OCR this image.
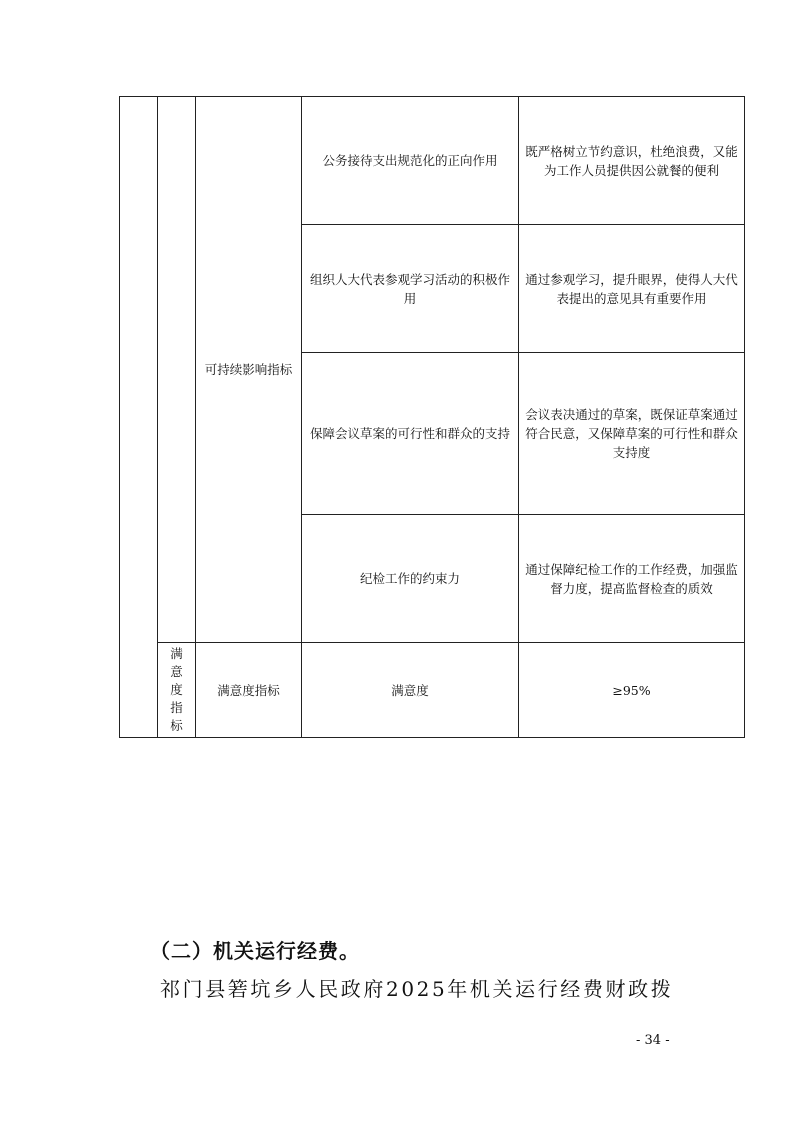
		可持续影响指标	公务接待支出规范化的正向作用	既严格树立节约意识，杜绝浪费，又能为工作人员提供因公就餐的便利
			组织人大代表参观学习活动的积极作用	通过参观学习，提升眼界，使得人大代表提出的意见具有重要作用
			保障会议草案的可行性和群众的支持	会议表决通过的草案，既保证草案通过符合民意，又保障草案的可行性和群众支持度
			纪检工作的约束力	通过保障纪检工作的工作经费，加强监督力度，提高监督检查的质效

	满 意 度 指 标	满意度指标	满意度	≥95%
（二）机关运行经费。
祁门县箬坑乡人民政府2025年机关运行经费财政拨
- 34 -
